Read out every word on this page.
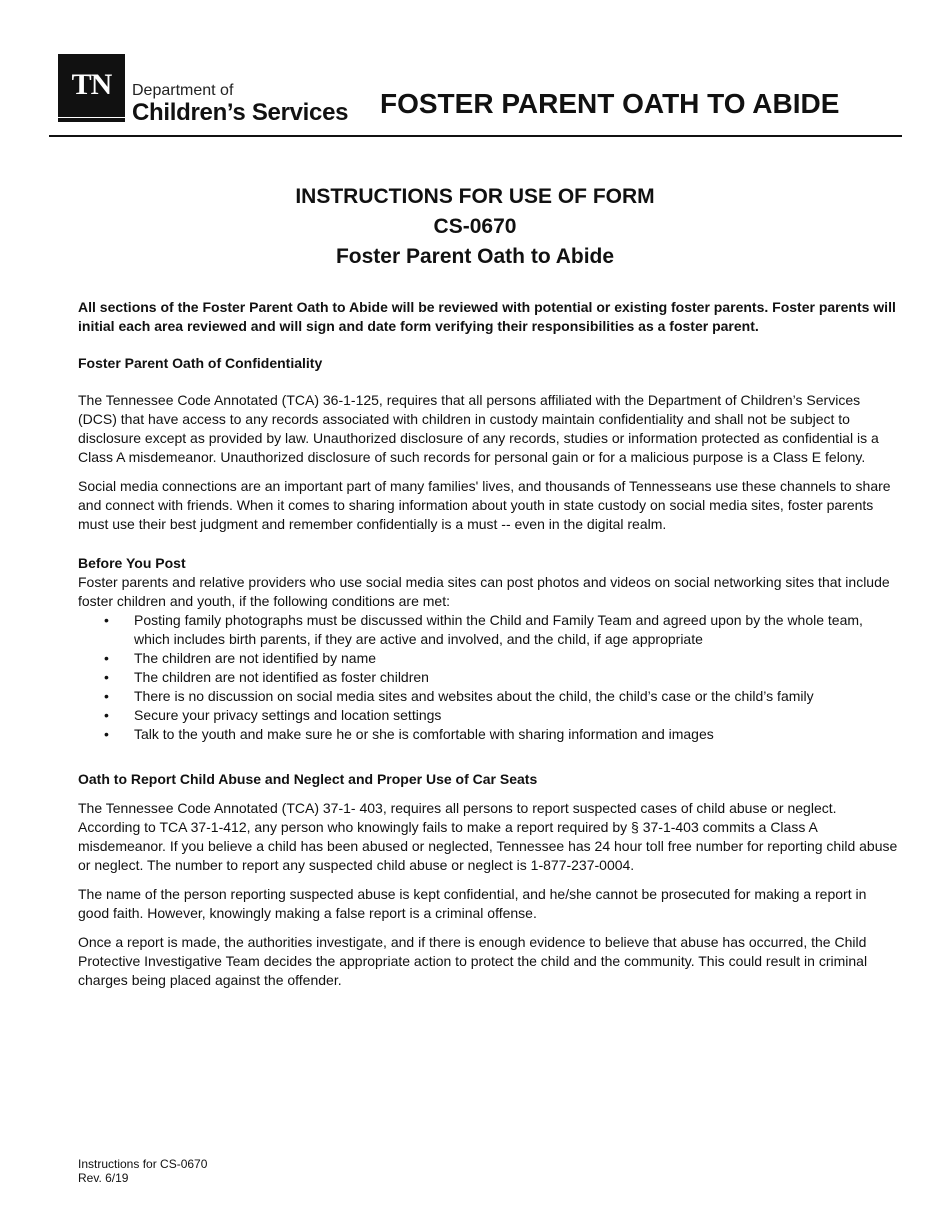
TN	Department of
Children’s Services FOSTER PARENT OATH TO ABIDE
INSTRUCTIONS FOR USE OF FORM
CS-0670
Foster Parent Oath to Abide

All sections of the Foster Parent Oath to Abide will be reviewed with potential or existing foster parents. Foster parents will initial each area reviewed and will sign and date form verifying their responsibilities as a foster parent.

Foster Parent Oath of Confidentiality

The Tennessee Code Annotated (TCA) 36-1-125, requires that all persons affiliated with the Department of Children’s Services (DCS) that have access to any records associated with children in custody maintain confidentiality and shall not be subject to disclosure except as provided by law. Unauthorized disclosure of any records, studies or information protected as confidential is a Class A misdemeanor. Unauthorized disclosure of such records for personal gain or for a malicious purpose is a Class E felony.

Social media connections are an important part of many families' lives, and thousands of Tennesseans use these channels to share and connect with friends. When it comes to sharing information about youth in state custody on social media sites, foster parents must use their best judgment and remember confidentially is a must -- even in the digital realm.

Before You Post

Foster parents and relative providers who use social media sites can post photos and videos on social networking sites that include foster children and youth, if the following conditions are met:

• Posting family photographs must be discussed within the Child and Family Team and agreed upon by the whole team, which includes birth parents, if they are active and involved, and the child, if age appropriate
• The children are not identified by name
• The children are not identified as foster children
• There is no discussion on social media sites and websites about the child, the child’s case or the child’s family
• Secure your privacy settings and location settings
• Talk to the youth and make sure he or she is comfortable with sharing information and images

Oath to Report Child Abuse and Neglect and Proper Use of Car Seats

The Tennessee Code Annotated (TCA) 37-1- 403, requires all persons to report suspected cases of child abuse or neglect. According to TCA 37-1-412, any person who knowingly fails to make a report required by § 37-1-403 commits a Class A misdemeanor. If you believe a child has been abused or neglected, Tennessee has 24 hour toll free number for reporting child abuse or neglect. The number to report any suspected child abuse or neglect is 1-877-237-0004.

The name of the person reporting suspected abuse is kept confidential, and he/she cannot be prosecuted for making a report in good faith. However, knowingly making a false report is a criminal offense.

Once a report is made, the authorities investigate, and if there is enough evidence to believe that abuse has occurred, the Child Protective Investigative Team decides the appropriate action to protect the child and the community. This could result in criminal charges being placed against the offender.

Instructions for CS-0670
Rev. 6/19
